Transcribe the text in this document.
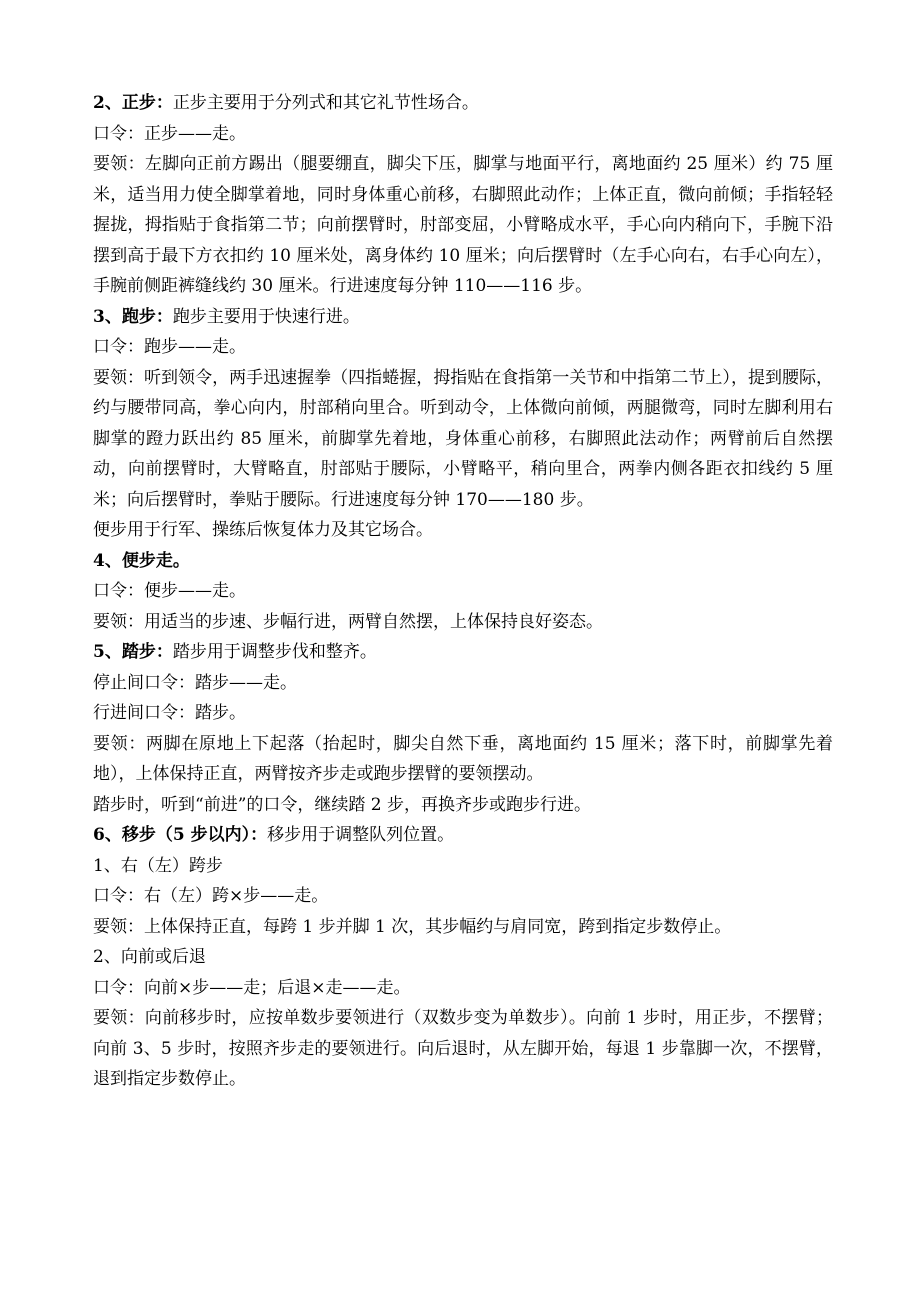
2、正步：正步主要用于分列式和其它礼节性场合。

口令：正步——走。

要领：左脚向正前方踢出（腿要绷直，脚尖下压，脚掌与地面平行，离地面约 25 厘米）约 75 厘米，适当用力使全脚掌着地，同时身体重心前移，右脚照此动作；上体正直，微向前倾；手指轻轻握拢，拇指贴于食指第二节；向前摆臂时，肘部变屈，小臂略成水平，手心向内稍向下，手腕下沿摆到高于最下方衣扣约 10 厘米处，离身体约 10 厘米；向后摆臂时（左手心向右，右手心向左），手腕前侧距裤缝线约 30 厘米。行进速度每分钟 110——116 步。

3、跑步：跑步主要用于快速行进。

口令：跑步——走。

要领：听到领令，两手迅速握拳（四指蜷握，拇指贴在食指第一关节和中指第二节上），提到腰际，约与腰带同高，拳心向内，肘部稍向里合。听到动令，上体微向前倾，两腿微弯，同时左脚利用右脚掌的蹬力跃出约 85 厘米，前脚掌先着地，身体重心前移，右脚照此法动作；两臂前后自然摆动，向前摆臂时，大臂略直，肘部贴于腰际，小臂略平，稍向里合，两拳内侧各距衣扣线约 5 厘米；向后摆臂时，拳贴于腰际。行进速度每分钟 170——180 步。

便步用于行军、操练后恢复体力及其它场合。

4、便步走。

口令：便步——走。

要领：用适当的步速、步幅行进，两臂自然摆，上体保持良好姿态。

5、踏步：踏步用于调整步伐和整齐。

停止间口令：踏步——走。

行进间口令：踏步。

要领：两脚在原地上下起落（抬起时，脚尖自然下垂，离地面约 15 厘米；落下时，前脚掌先着地），上体保持正直，两臂按齐步走或跑步摆臂的要领摆动。

踏步时，听到“前进”的口令，继续踏 2 步，再换齐步或跑步行进。

6、移步（5 步以内）：移步用于调整队列位置。

1、右（左）跨步

口令：右（左）跨×步——走。

要领：上体保持正直，每跨 1 步并脚 1 次，其步幅约与肩同宽，跨到指定步数停止。

2、向前或后退

口令：向前×步——走；后退×走——走。

要领：向前移步时，应按单数步要领进行（双数步变为单数步）。向前 1 步时，用正步，不摆臂；向前 3、5 步时，按照齐步走的要领进行。向后退时，从左脚开始，每退 1 步靠脚一次，不摆臂，退到指定步数停止。
